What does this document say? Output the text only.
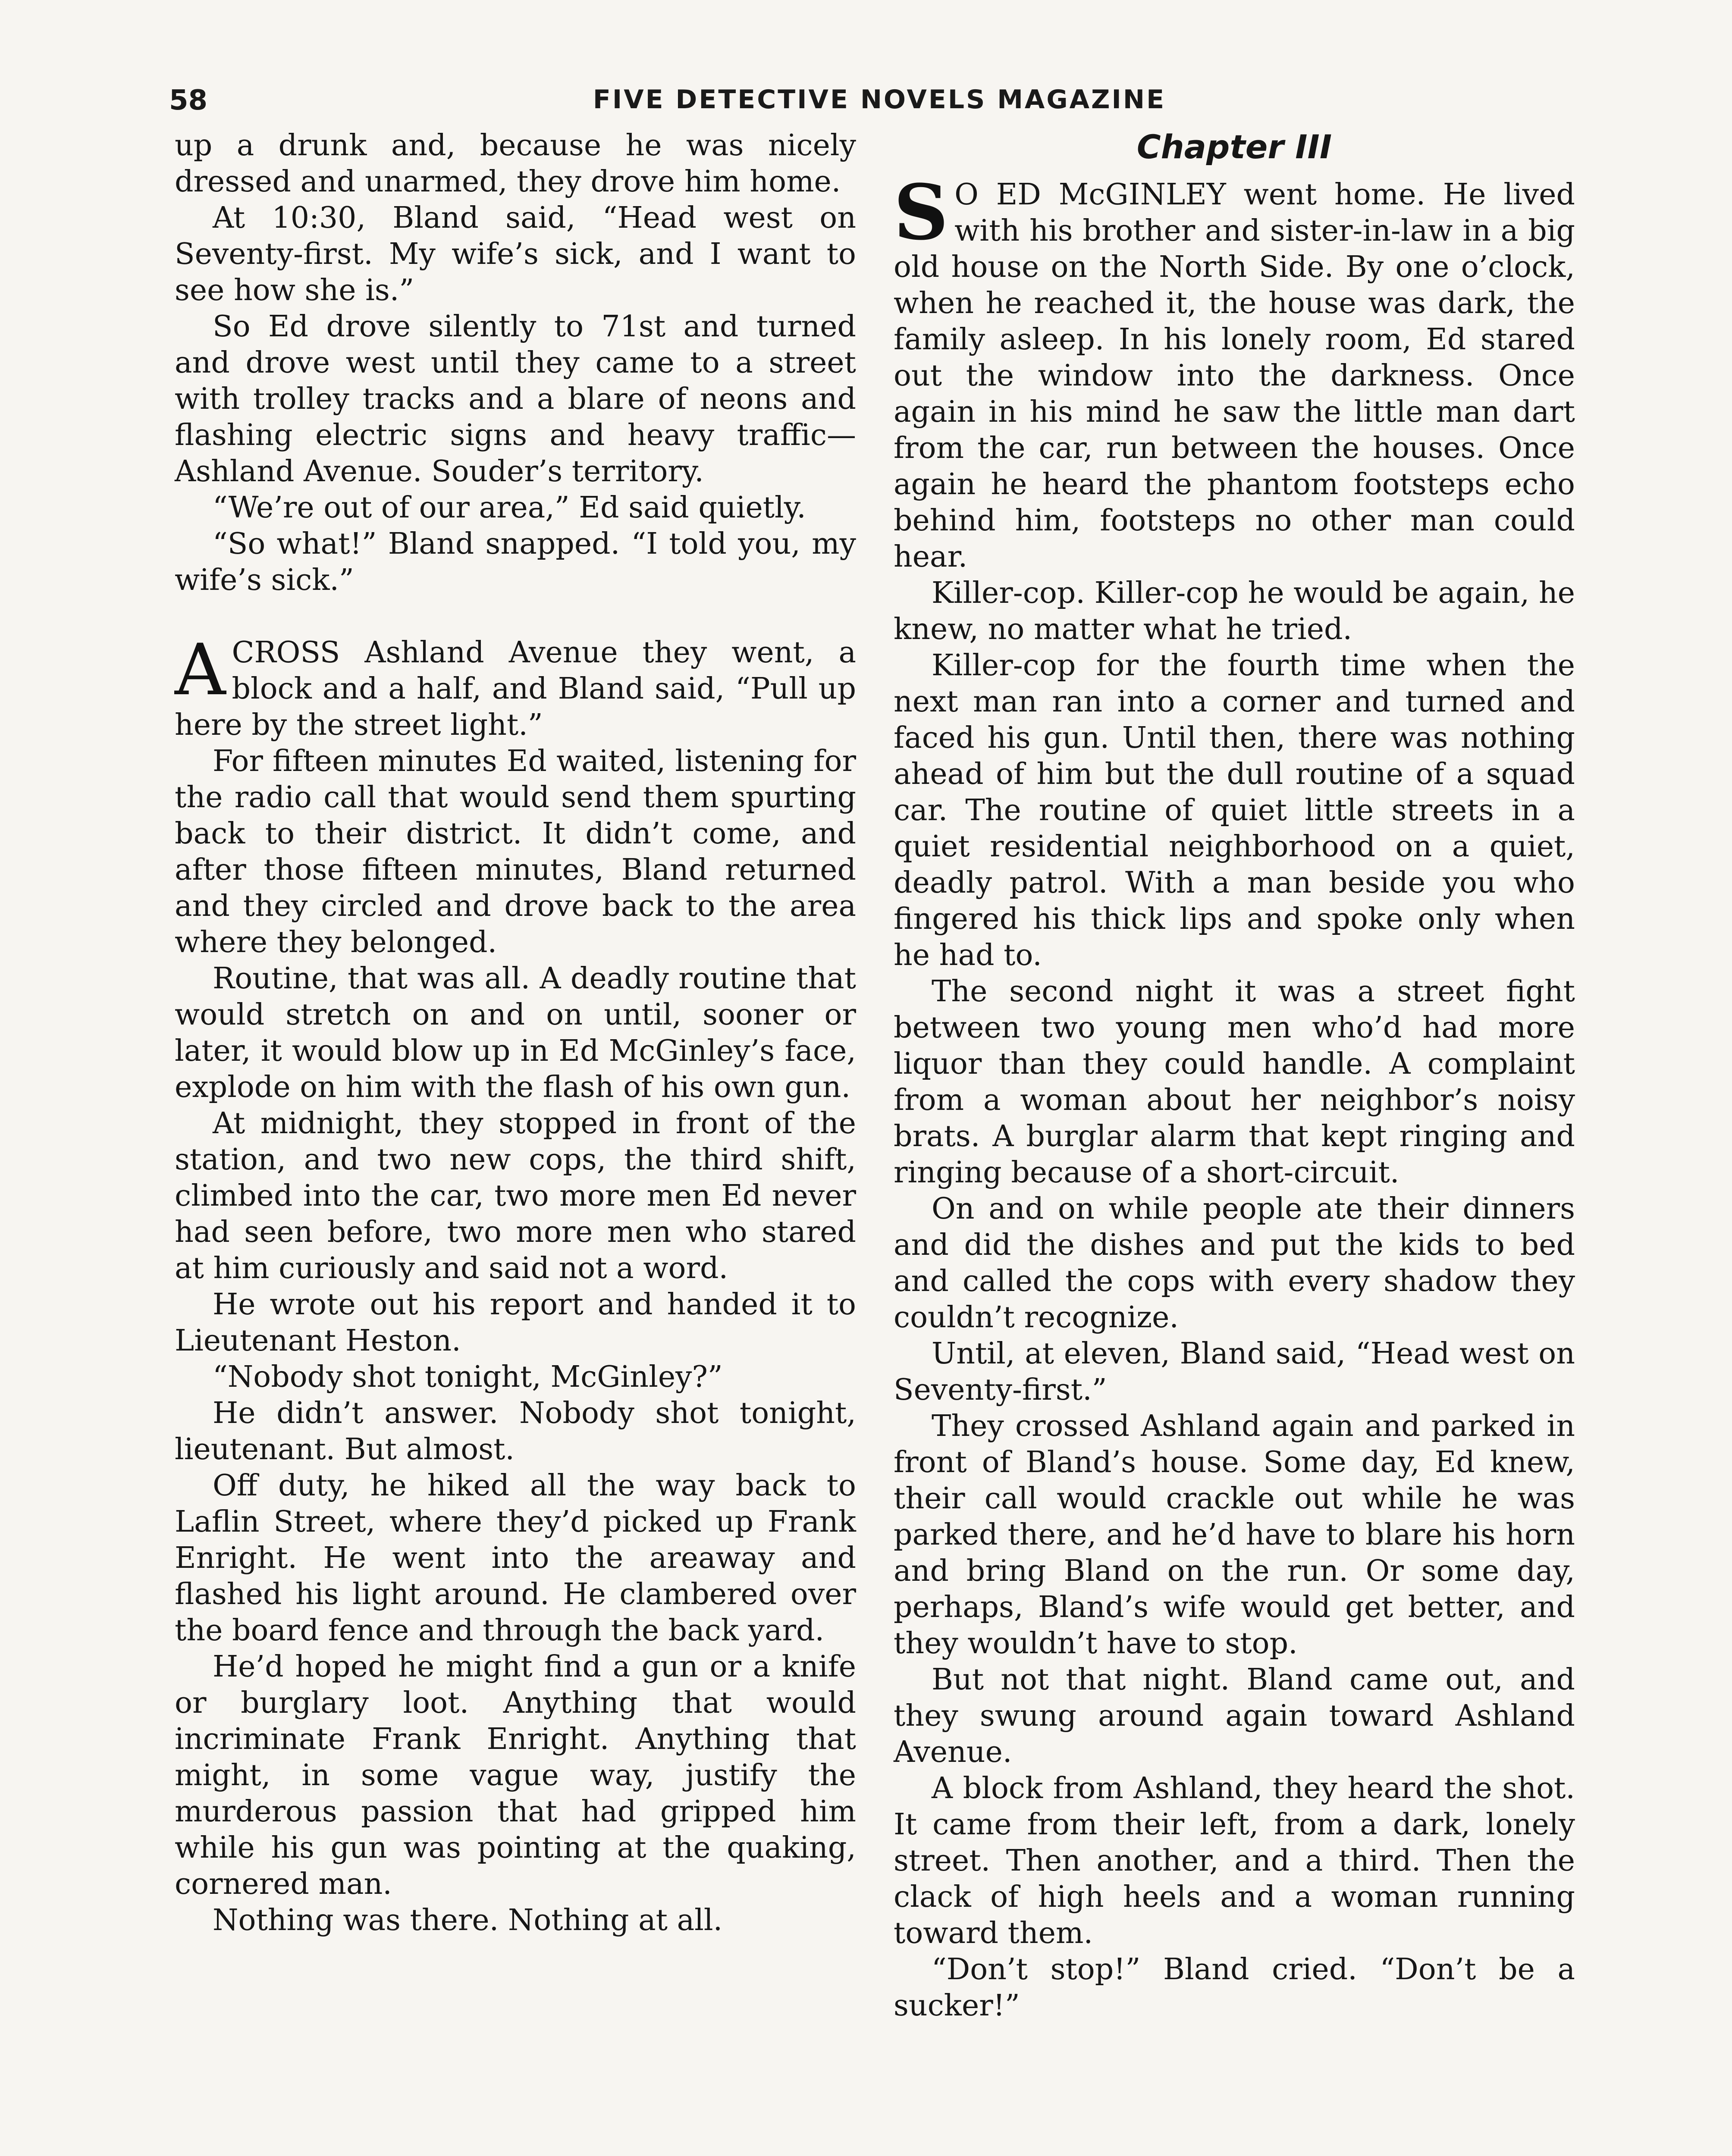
58	FIVE DETECTIVE NOVELS MAGAZINE

up a drunk and, because he was nicely dressed and unarmed, they drove him home.

At 10:30, Bland said, “Head west on Seventy-first. My wife’s sick, and I want to see how she is.”

So Ed drove silently to 71st and turned and drove west until they came to a street with trolley tracks and a blare of neons and flashing electric signs and heavy traffic—Ashland Avenue. Souder’s territory.

“We’re out of our area,” Ed said quietly.

“So what!” Bland snapped. “I told you, my wife’s sick.”

ACROSS Ashland Avenue they went, a block and a half, and Bland said, “Pull up here by the street light.”

For fifteen minutes Ed waited, listening for the radio call that would send them spurting back to their district. It didn’t come, and after those fifteen minutes, Bland returned and they circled and drove back to the area where they belonged.

Routine, that was all. A deadly routine that would stretch on and on until, sooner or later, it would blow up in Ed McGinley’s face, explode on him with the flash of his own gun.

At midnight, they stopped in front of the station, and two new cops, the third shift, climbed into the car, two more men Ed never had seen before, two more men who stared at him curiously and said not a word.

He wrote out his report and handed it to Lieutenant Heston.

“Nobody shot tonight, McGinley?”

He didn’t answer. Nobody shot tonight, lieutenant. But almost.

Off duty, he hiked all the way back to Laflin Street, where they’d picked up Frank Enright. He went into the areaway and flashed his light around. He clambered over the board fence and through the back yard.

He’d hoped he might find a gun or a knife or burglary loot. Anything that would incriminate Frank Enright. Anything that might, in some vague way, justify the murderous passion that had gripped him while his gun was pointing at the quaking, cornered man.

Nothing was there. Nothing at all.

Chapter III

S O ED McGINLEY went home. He lived with his brother and sister-in-law in a big old house on the North Side. By one o’clock, when he reached it, the house was dark, the family asleep. In his lonely room, Ed stared out the window into the darkness. Once again in his mind he saw the little man dart from the car, run between the houses. Once again he heard the phantom footsteps echo behind him, footsteps no other man could hear.

Killer-cop. Killer-cop he would be again, he knew, no matter what he tried.

Killer-cop for the fourth time when the next man ran into a corner and turned and faced his gun. Until then, there was nothing ahead of him but the dull routine of a squad car. The routine of quiet little streets in a quiet residential neighborhood on a quiet, deadly patrol. With a man beside you who fingered his thick lips and spoke only when he had to.

The second night it was a street fight between two young men who’d had more liquor than they could handle. A complaint from a woman about her neighbor’s noisy brats. A burglar alarm that kept ringing and ringing because of a short-circuit.

On and on while people ate their dinners and did the dishes and put the kids to bed and called the cops with every shadow they couldn’t recognize.

Until, at eleven, Bland said, “Head west on Seventy-first.”

They crossed Ashland again and parked in front of Bland’s house. Some day, Ed knew, their call would crackle out while he was parked there, and he’d have to blare his horn and bring Bland on the run. Or some day, perhaps, Bland’s wife would get better, and they wouldn’t have to stop.

But not that night. Bland came out, and they swung around again toward Ashland Avenue.

A block from Ashland, they heard the shot. It came from their left, from a dark, lonely street. Then another, and a third. Then the clack of high heels and a woman running toward them.

“Don’t stop!” Bland cried. “Don’t be a sucker!”
